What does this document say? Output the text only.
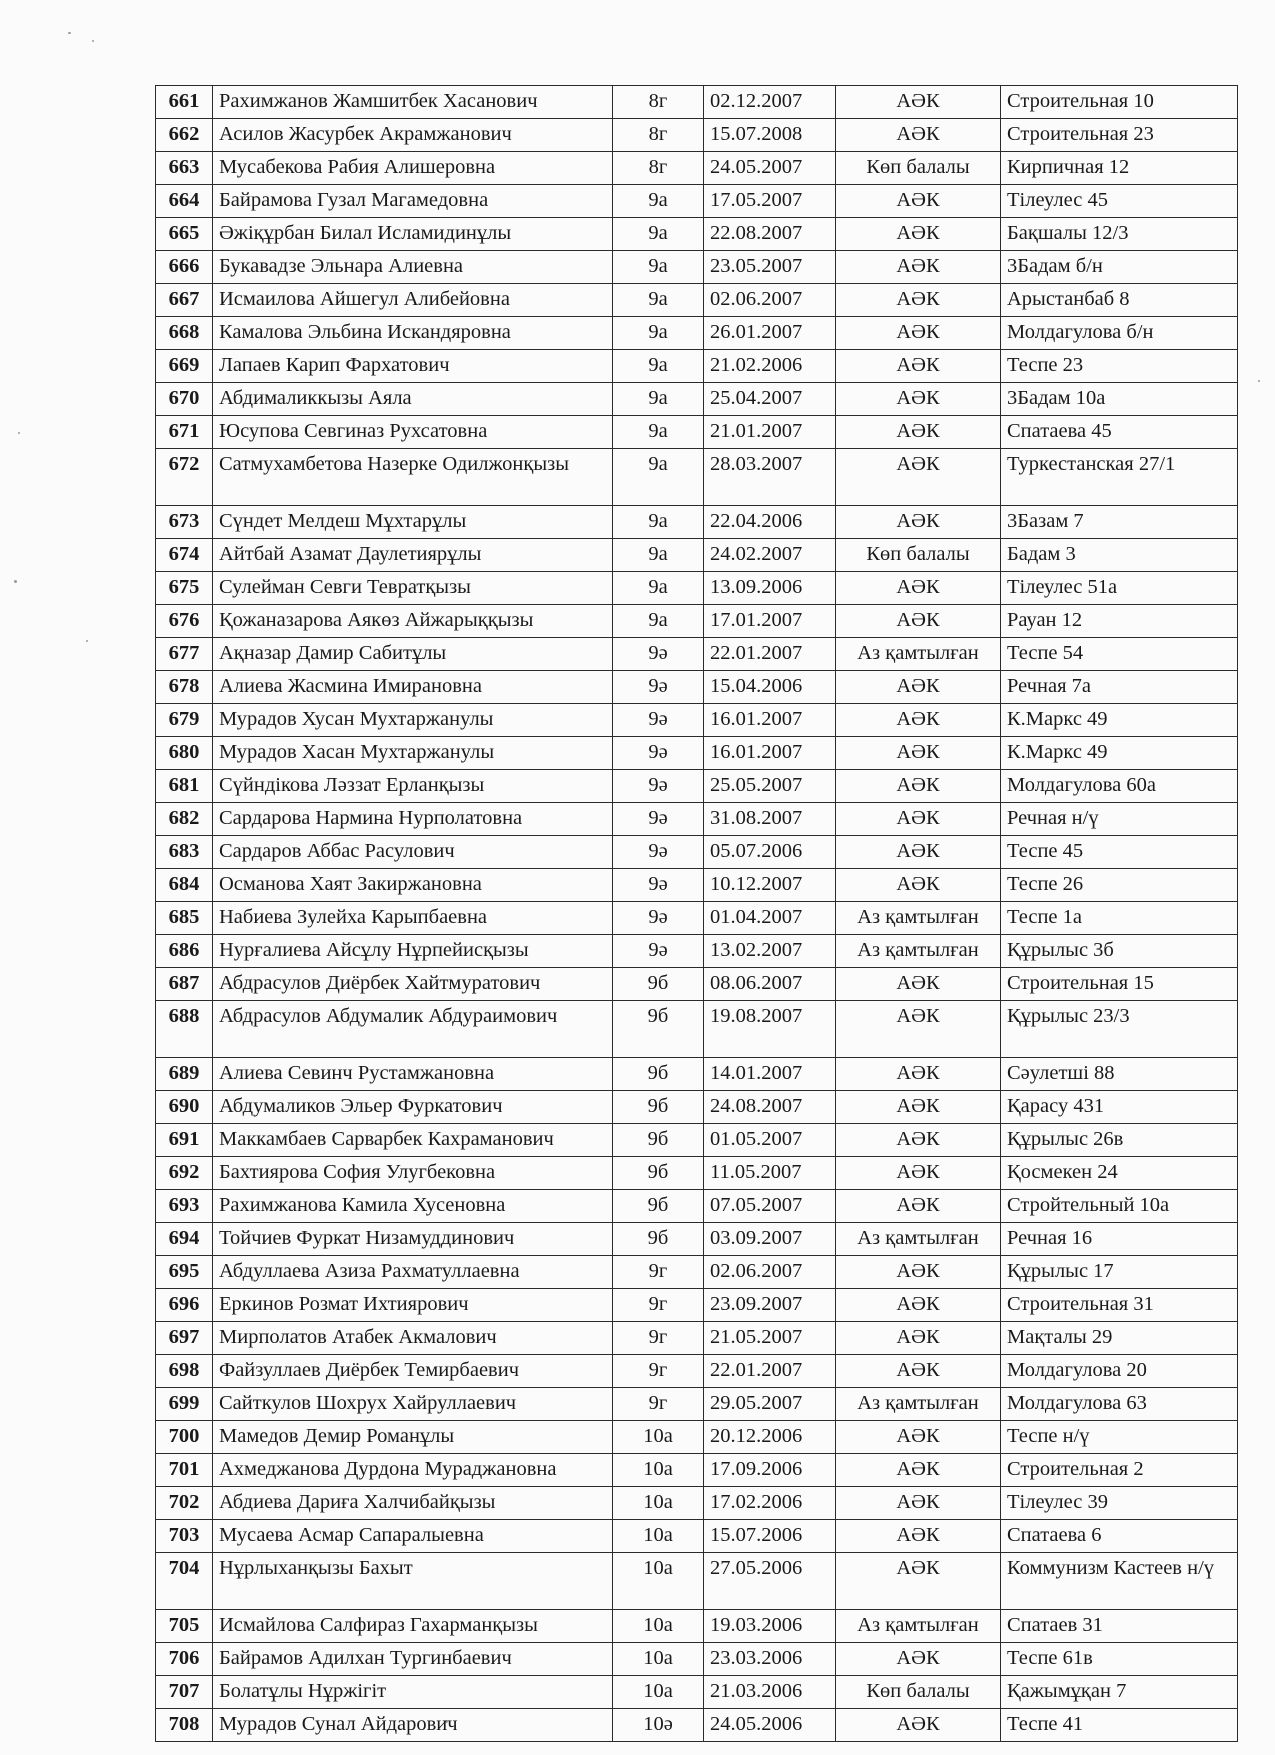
661	Рахимжанов Жамшитбек Хасанович	8г	02.12.2007	АӘК	Строительная 10
662	Асилов Жасурбек Акрамжанович	8г	15.07.2008	АӘК	Строительная 23
663	Мусабекова Рабия Алишеровна	8г	24.05.2007	Көп балалы	Кирпичная 12
664	Байрамова Гузал Магамедовна	9а	17.05.2007	АӘК	Тілеулес 45
665	Әжіқұрбан Билал Исламидинұлы	9а	22.08.2007	АӘК	Бақшалы 12/3
666	Букавадзе Эльнара Алиевна	9а	23.05.2007	АӘК	3Бадам б/н
667	Исмаилова Айшегул Алибейовна	9а	02.06.2007	АӘК	Арыстанбаб 8
668	Камалова Эльбина Искандяровна	9а	26.01.2007	АӘК	Молдагулова б/н
669	Лапаев Карип Фархатович	9а	21.02.2006	АӘК	Теспе 23
670	Абдималиккызы Аяла	9а	25.04.2007	АӘК	3Бадам 10а
671	Юсупова Севгиназ Рухсатовна	9а	21.01.2007	АӘК	Спатаева 45
672	Сатмухамбетова Назерке Одилжонқызы	9а	28.03.2007	АӘК	Туркестанская 27/1
673	Сүндет Мелдеш Мұхтарұлы	9а	22.04.2006	АӘК	3Базам 7
674	Айтбай Азамат Даулетиярұлы	9а	24.02.2007	Көп балалы	Бадам 3
675	Сулейман Севги Тевратқызы	9а	13.09.2006	АӘК	Тілеулес 51а
676	Қожаназарова Аякөз Айжарыққызы	9а	17.01.2007	АӘК	Рауан 12
677	Ақназар Дамир Сабитұлы	9ә	22.01.2007	Аз қамтылған	Теспе 54
678	Алиева Жасмина Имирановна	9ә	15.04.2006	АӘК	Речная 7а
679	Мурадов Хусан Мухтаржанулы	9ә	16.01.2007	АӘК	К.Маркс 49
680	Мурадов Хасан Мухтаржанулы	9ә	16.01.2007	АӘК	К.Маркс 49
681	Сүйндікова Ләззат Ерланқызы	9ә	25.05.2007	АӘК	Молдагулова 60а
682	Сардарова Нармина Нурполатовна	9ә	31.08.2007	АӘК	Речная н/ү
683	Сардаров Аббас Расулович	9ә	05.07.2006	АӘК	Теспе 45
684	Османова Хаят Закиржановна	9ә	10.12.2007	АӘК	Теспе 26
685	Набиева Зулейха Карыпбаевна	9ә	01.04.2007	Аз қамтылған	Теспе 1а
686	Нурғалиева Айсұлу Нұрпейисқызы	9ә	13.02.2007	Аз қамтылған	Құрылыс 3б
687	Абдрасулов Диёрбек Хайтмуратович	9б	08.06.2007	АӘК	Строительная 15
688	Абдрасулов Абдумалик Абдураимович	9б	19.08.2007	АӘК	Құрылыс 23/3
689	Алиева Севинч Рустамжановна	9б	14.01.2007	АӘК	Сәулетші 88
690	Абдумаликов Эльер Фуркатович	9б	24.08.2007	АӘК	Қарасу 431
691	Маккамбаев Сарварбек Кахраманович	9б	01.05.2007	АӘК	Құрылыс 26в
692	Бахтиярова София Улугбековна	9б	11.05.2007	АӘК	Қосмекен 24
693	Рахимжанова Камила Хусеновна	9б	07.05.2007	АӘК	Стройтельный 10а
694	Тойчиев Фуркат Низамуддинович	9б	03.09.2007	Аз қамтылған	Речная 16
695	Абдуллаева Азиза Рахматуллаевна	9г	02.06.2007	АӘК	Құрылыс 17
696	Еркинов Розмат Ихтиярович	9г	23.09.2007	АӘК	Строительная 31
697	Мирполатов Атабек Акмалович	9г	21.05.2007	АӘК	Мақталы 29
698	Файзуллаев Диёрбек Темирбаевич	9г	22.01.2007	АӘК	Молдагулова 20
699	Сайткулов Шохрух Хайруллаевич	9г	29.05.2007	Аз қамтылған	Молдагулова 63
700	Мамедов Демир Романұлы	10а	20.12.2006	АӘК	Теспе н/ү
701	Ахмеджанова Дурдона Мураджановна	10а	17.09.2006	АӘК	Строительная 2
702	Абдиева Дариға Халчибайқызы	10а	17.02.2006	АӘК	Тілеулес 39
703	Мусаева Асмар Сапаралыевна	10а	15.07.2006	АӘК	Спатаева 6
704	Нұрлыханқызы Бахыт	10а	27.05.2006	АӘК	Коммунизм Кастеев н/ү
705	Исмайлова Салфираз Гахарманқызы	10а	19.03.2006	Аз қамтылған	Спатаев 31
706	Байрамов Адилхан Тургинбаевич	10а	23.03.2006	АӘК	Теспе 61в
707	Болатұлы Нұржігіт	10а	21.03.2006	Көп балалы	Қажымұқан 7
708	Мурадов Сунал Айдарович	10ә	24.05.2006	АӘК	Теспе 41
